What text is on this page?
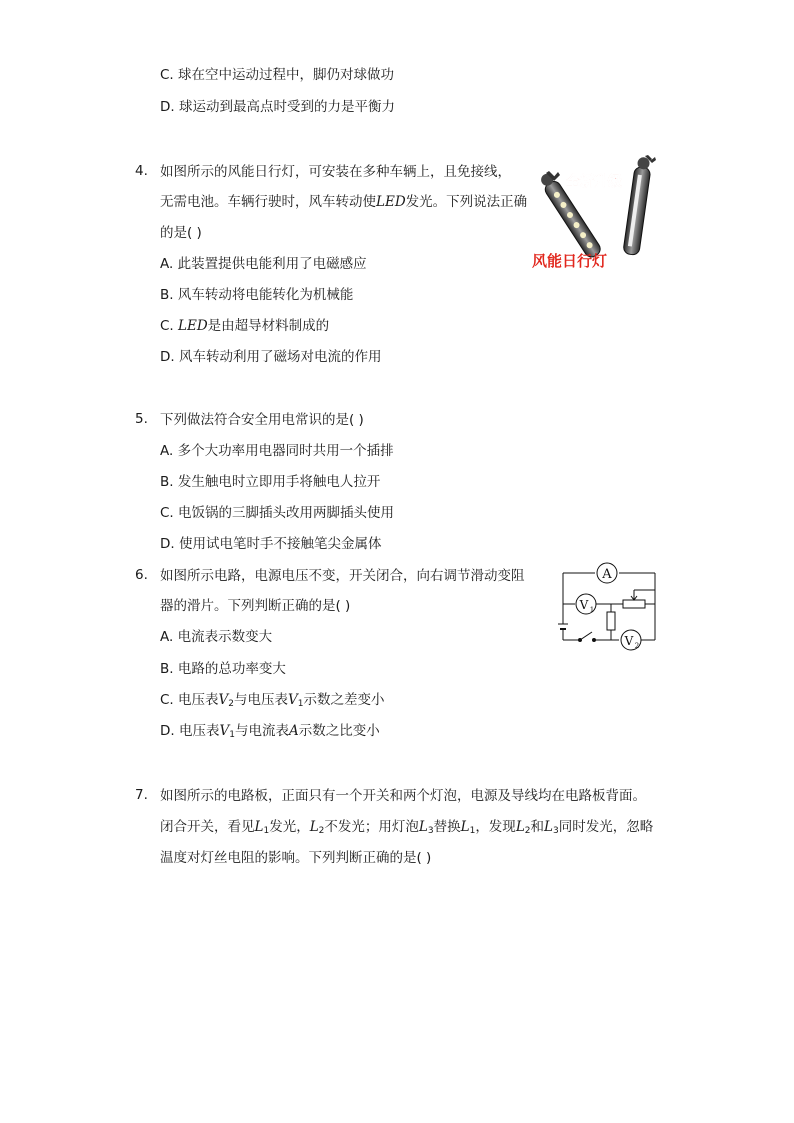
C. 球在空中运动过程中，脚仍对球做功
D. 球运动到最高点时受到的力是平衡力
4. 如图所示的风能日行灯，可安装在多种车辆上，且免接线，
无需电池。车辆行驶时，风车转动使LED发光。下列说法正确
的是( )
A. 此装置提供电能利用了电磁感应
B. 风车转动将电能转化为机械能
C. LED是由超导材料制成的
D. 风车转动利用了磁场对电流的作用
全新升级
风能日行灯
5. 下列做法符合安全用电常识的是( )
A. 多个大功率用电器同时共用一个插排
B. 发生触电时立即用手将触电人拉开
C. 电饭锅的三脚插头改用两脚插头使用
D. 使用试电笔时手不接触笔尖金属体
6. 如图所示电路，电源电压不变，开关闭合，向右调节滑动变阻
器的滑片。下列判断正确的是( )
A. 电流表示数变大
B. 电路的总功率变大
C. 电压表$V_2$与电压表$V_1$示数之差变小
D. 电压表$V_1$与电流表A示数之比变小
A
V 2
V 1
7. 如图所示的电路板，正面只有一个开关和两个灯泡，电源及导线均在电路板背面。
闭合开关，看见$L_1$发光，$L_2$不发光；用灯泡$L_3$替换$L_1$，发现$L_2$和$L_3$同时发光，忽略
温度对灯丝电阻的影响。下列判断正确的是( )
